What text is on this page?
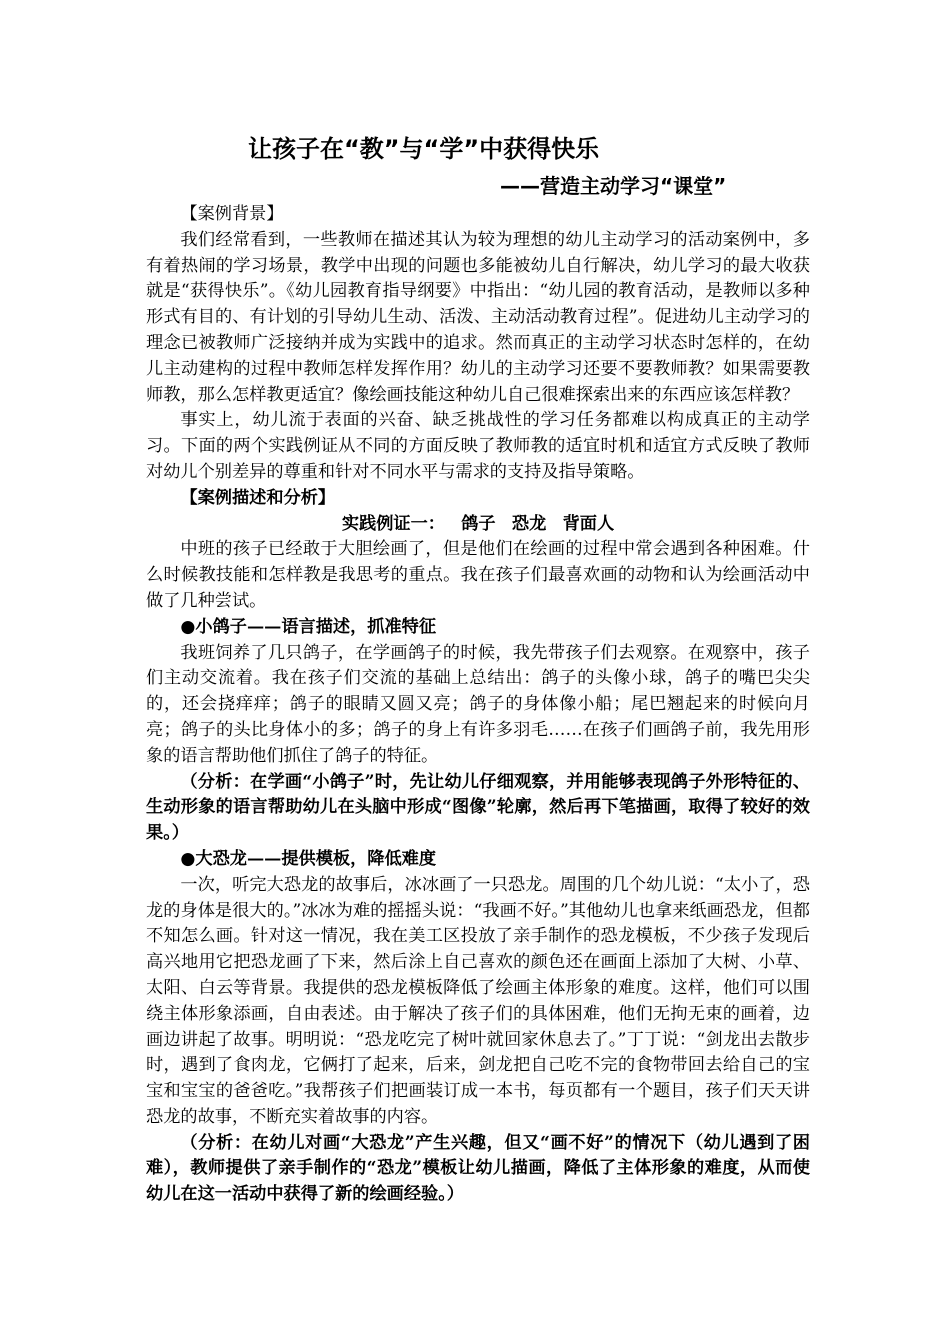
让孩子在“教”与“学”中获得快乐
——营造主动学习“课堂”

【案例背景】

我们经常看到，一些教师在描述其认为较为理想的幼儿主动学习的活动案例中，多有着热闹的学习场景，教学中出现的问题也多能被幼儿自行解决，幼儿学习的最大收获就是“获得快乐”。《幼儿园教育指导纲要》中指出：“幼儿园的教育活动，是教师以多种形式有目的、有计划的引导幼儿生动、活泼、主动活动教育过程”。促进幼儿主动学习的理念已被教师广泛接纳并成为实践中的追求。然而真正的主动学习状态时怎样的，在幼儿主动建构的过程中教师怎样发挥作用？幼儿的主动学习还要不要教师教？如果需要教师教，那么怎样教更适宜？像绘画技能这种幼儿自己很难探索出来的东西应该怎样教？

事实上，幼儿流于表面的兴奋、缺乏挑战性的学习任务都难以构成真正的主动学习。下面的两个实践例证从不同的方面反映了教师教的适宜时机和适宜方式反映了教师对幼儿个别差异的尊重和针对不同水平与需求的支持及指导策略。

【案例描述和分析】

实践例证一： 鸽子 恐龙 背面人

中班的孩子已经敢于大胆绘画了，但是他们在绘画的过程中常会遇到各种困难。什么时候教技能和怎样教是我思考的重点。我在孩子们最喜欢画的动物和认为绘画活动中做了几种尝试。

●小鸽子——语言描述，抓准特征

我班饲养了几只鸽子，在学画鸽子的时候，我先带孩子们去观察。在观察中，孩子们主动交流着。我在孩子们交流的基础上总结出：鸽子的头像小球，鸽子的嘴巴尖尖的，还会挠痒痒；鸽子的眼睛又圆又亮；鸽子的身体像小船；尾巴翘起来的时候向月亮；鸽子的头比身体小的多；鸽子的身上有许多羽毛……在孩子们画鸽子前，我先用形象的语言帮助他们抓住了鸽子的特征。

（分析：在学画“小鸽子”时，先让幼儿仔细观察，并用能够表现鸽子外形特征的、生动形象的语言帮助幼儿在头脑中形成“图像”轮廓，然后再下笔描画，取得了较好的效果。）

●大恐龙——提供模板，降低难度

一次，听完大恐龙的故事后，冰冰画了一只恐龙。周围的几个幼儿说：“太小了，恐龙的身体是很大的。”冰冰为难的摇摇头说：“我画不好。”其他幼儿也拿来纸画恐龙，但都不知怎么画。针对这一情况，我在美工区投放了亲手制作的恐龙模板，不少孩子发现后高兴地用它把恐龙画了下来，然后涂上自己喜欢的颜色还在画面上添加了大树、小草、太阳、白云等背景。我提供的恐龙模板降低了绘画主体形象的难度。这样，他们可以围绕主体形象添画，自由表述。由于解决了孩子们的具体困难，他们无拘无束的画着，边画边讲起了故事。明明说：“恐龙吃完了树叶就回家休息去了。”丁丁说：“剑龙出去散步时，遇到了食肉龙，它俩打了起来，后来，剑龙把自己吃不完的食物带回去给自己的宝宝和宝宝的爸爸吃。”我帮孩子们把画装订成一本书，每页都有一个题目，孩子们天天讲恐龙的故事，不断充实着故事的内容。

（分析：在幼儿对画“大恐龙”产生兴趣，但又“画不好”的情况下（幼儿遇到了困难），教师提供了亲手制作的“恐龙”模板让幼儿描画，降低了主体形象的难度，从而使幼儿在这一活动中获得了新的绘画经验。）
